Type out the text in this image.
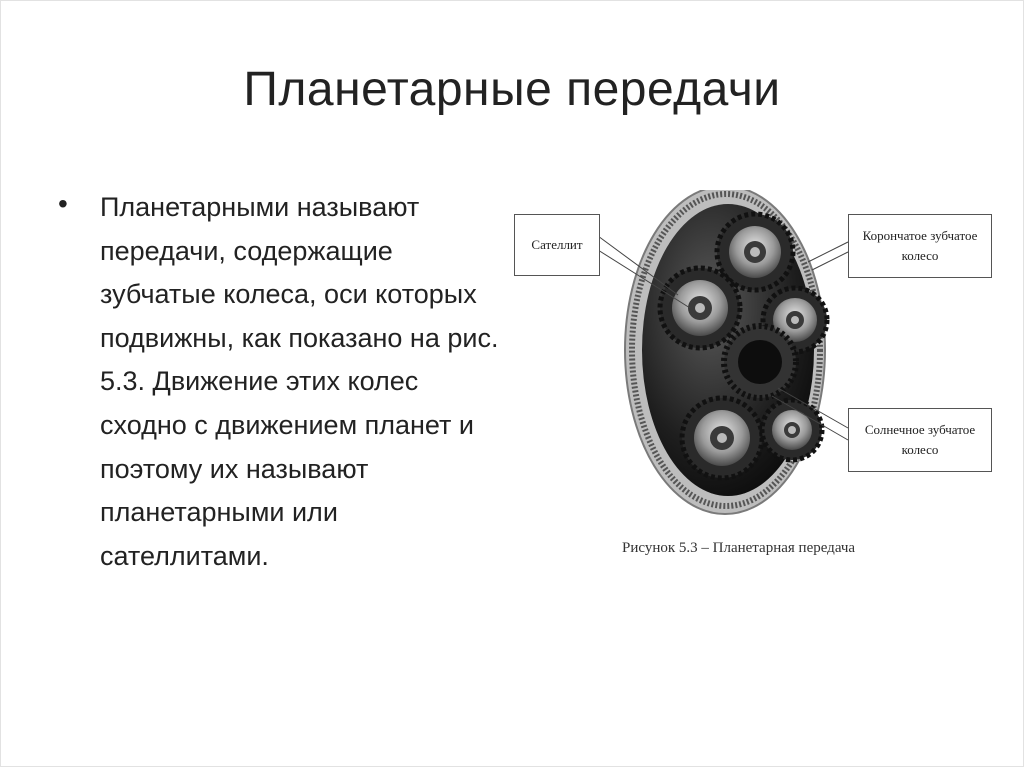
Планетарные передачи
• Планетарными называют передачи, содержащие зубчатые колеса, оси которых подвижны, как показано на рис. 5.3. Движение этих колес сходно с движением планет и поэтому их называют планетарными или сателлитами.
Сателлит
Корончатое зубчатое
колесо
Солнечное зубчатое
колесо
Рисунок 5.3 – Планетарная передача
